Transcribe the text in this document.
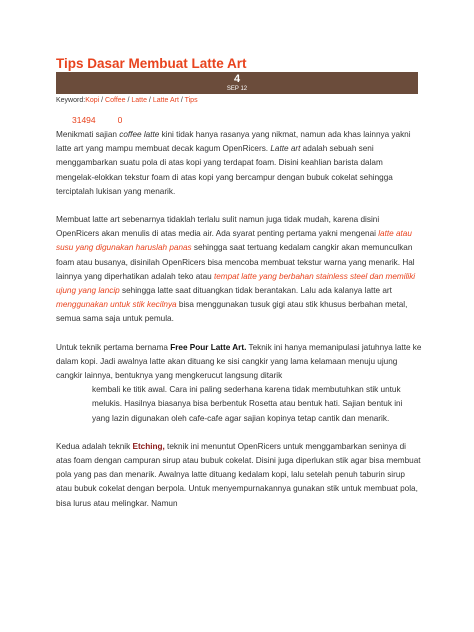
Tips Dasar Membuat Latte Art
4
SEP 12
Keyword:Kopi / Coffee / Latte / Latte Art / Tips
31494	0

Menikmati sajian coffee latte kini tidak hanya rasanya yang nikmat, namun ada khas lainnya yakni latte art yang mampu membuat decak kagum OpenRicers. Latte art adalah sebuah seni menggambarkan suatu pola di atas kopi yang terdapat foam. Disini keahlian barista dalam mengelak-elokkan tekstur foam di atas kopi yang bercampur dengan bubuk cokelat sehingga terciptalah lukisan yang menarik.

Membuat latte art sebenarnya tidaklah terlalu sulit namun juga tidak mudah, karena disini OpenRicers akan menulis di atas media air. Ada syarat penting pertama yakni mengenai latte atau susu yang digunakan haruslah panas sehingga saat tertuang kedalam cangkir akan memunculkan foam atau busanya, disinilah OpenRicers bisa mencoba membuat tekstur warna yang menarik. Hal lainnya yang diperhatikan adalah teko atau tempat latte yang berbahan stainless steel dan memiliki ujung yang lancip sehingga latte saat dituangkan tidak berantakan. Lalu ada kalanya latte art menggunakan untuk stik kecilnya bisa menggunakan tusuk gigi atau stik khusus berbahan metal, semua sama saja untuk pemula.

Untuk teknik pertama bernama Free Pour Latte Art. Teknik ini hanya memanipulasi jatuhnya latte ke dalam kopi. Jadi awalnya latte akan dituang ke sisi cangkir yang lama kelamaan menuju ujung cangkir lainnya, bentuknya yang mengkerucut langsung ditarik
kembali ke titik awal. Cara ini paling sederhana karena tidak membutuhkan stik untuk melukis. Hasilnya biasanya bisa berbentuk Rosetta atau bentuk hati. Sajian bentuk ini yang lazin digunakan oleh cafe-cafe agar sajian kopinya tetap cantik dan menarik.

Kedua adalah teknik Etching, teknik ini menuntut OpenRicers untuk menggambarkan seninya di atas foam dengan campuran sirup atau bubuk cokelat. Disini juga diperlukan stik agar bisa membuat pola yang pas dan menarik. Awalnya latte dituang kedalam kopi, lalu setelah penuh taburin sirup atau bubuk cokelat dengan berpola. Untuk menyempurnakannya gunakan stik untuk membuat pola, bisa lurus atau melingkar. Namun
